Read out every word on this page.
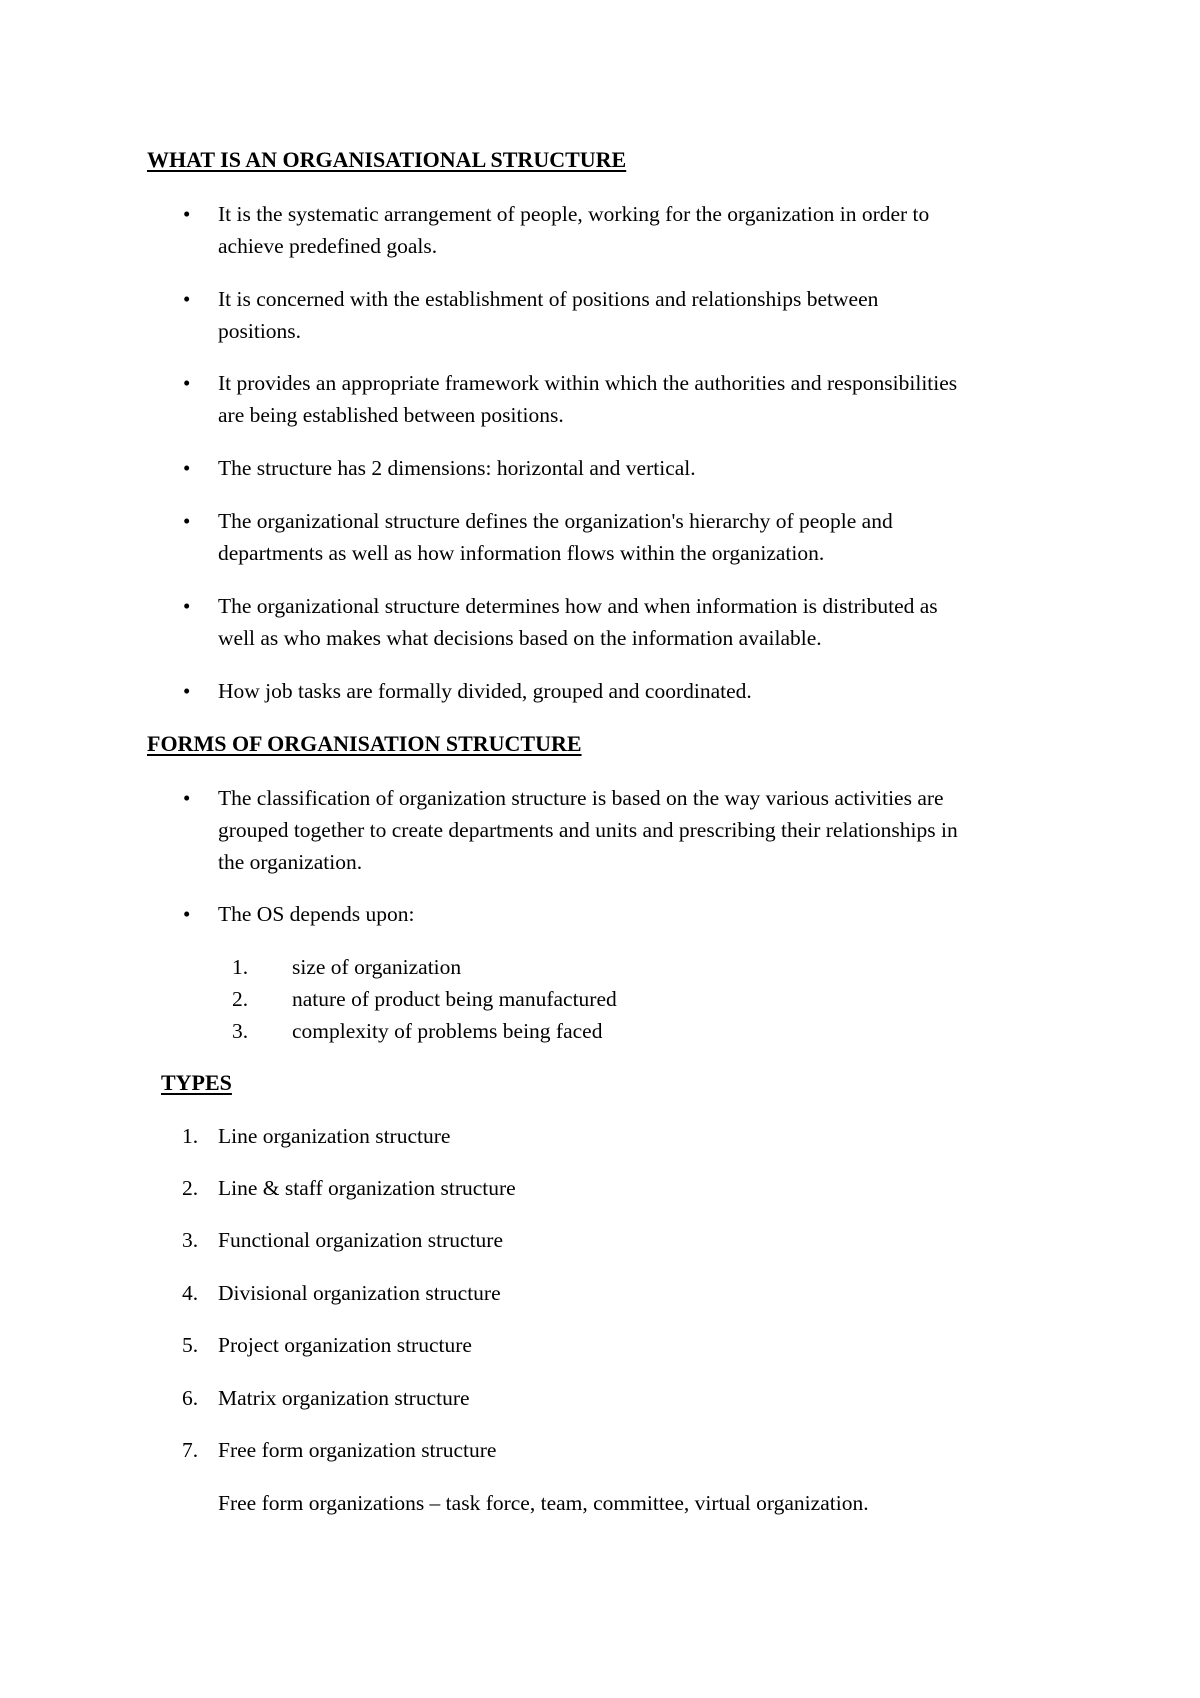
WHAT IS AN ORGANISATIONAL STRUCTURE
• It is the systematic arrangement of people, working for the organization in order to
achieve predefined goals.
• It is concerned with the establishment of positions and relationships between
positions.
• It provides an appropriate framework within which the authorities and responsibilities
are being established between positions.
• The structure has 2 dimensions: horizontal and vertical.
• The organizational structure defines the organization's hierarchy of people and
departments as well as how information flows within the organization.
• The organizational structure determines how and when information is distributed as
well as who makes what decisions based on the information available.
• How job tasks are formally divided, grouped and coordinated.
FORMS OF ORGANISATION STRUCTURE
• The classification of organization structure is based on the way various activities are
grouped together to create departments and units and prescribing their relationships in
the organization.
• The OS depends upon:
1. size of organization
2. nature of product being manufactured
3. complexity of problems being faced
TYPES
1. Line organization structure
2. Line & staff organization structure
3. Functional organization structure
4. Divisional organization structure
5. Project organization structure
6. Matrix organization structure
7. Free form organization structure
Free form organizations – task force, team, committee, virtual organization.
